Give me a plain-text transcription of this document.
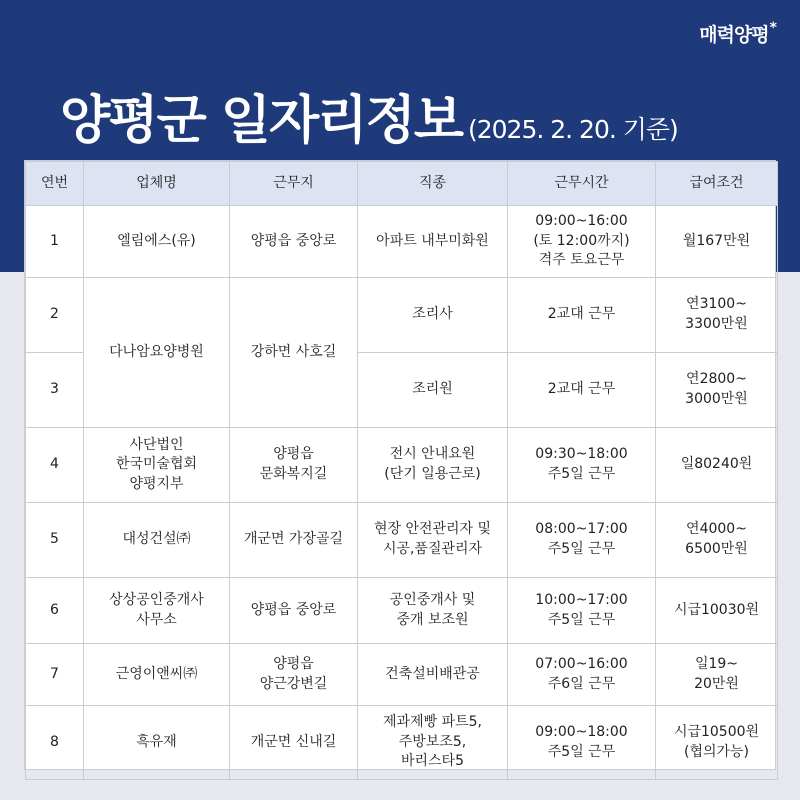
매력양평*
양평군 일자리정보 (2025. 2. 20. 기준)
연번	업체명	근무지	직종	근무시간	급여조건
1	엘림에스(유)	양평읍 중앙로	아파트 내부미화원	09:00~16:00
(토 12:00까지)
격주 토요근무	월167만원
2	다나암요양병원	강하면 사호길	조리사	2교대 근무	연3100~
3300만원
3			조리원	2교대 근무	연2800~
3000만원
4	사단법인
한국미술협회
양평지부	양평읍
문화복지길	전시 안내요원
(단기 일용근로)	09:30~18:00
주5일 근무	일80240원
5	대성건설㈜	개군면 가장골길	현장 안전관리자 및
시공,품질관리자	08:00~17:00
주5일 근무	연4000~
6500만원
6	상상공인중개사
사무소	양평읍 중앙로	공인중개사 및
중개 보조원	10:00~17:00
주5일 근무	시급10030원
7	근영이앤씨㈜	양평읍
양근강변길	건축설비배관공	07:00~16:00
주6일 근무	일19~
20만원
8	흑유재	개군면 신내길	제과제빵 파트5,
주방보조5,
바리스타5	09:00~18:00
주5일 근무	시급10500원
(협의가능)
